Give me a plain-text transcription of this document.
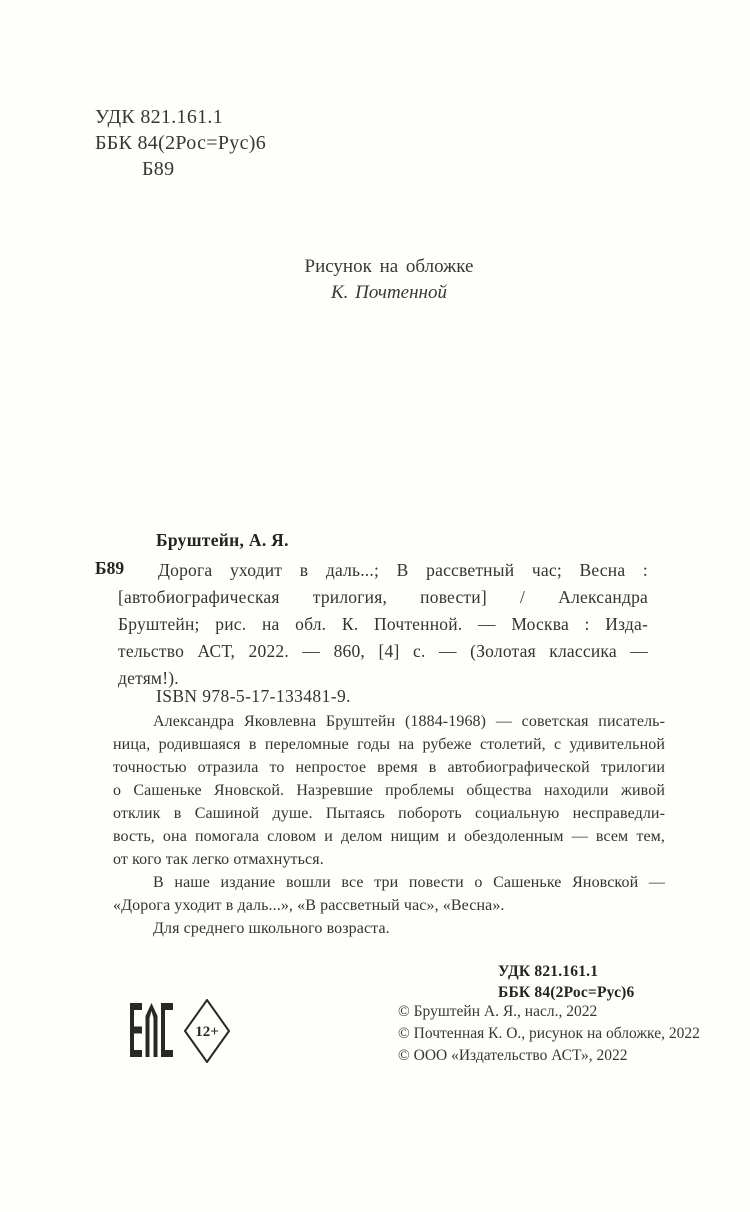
УДК 821.161.1
ББК 84(2Рос=Рус)6
Б89
Рисунок на обложке
К. Почтенной
Бруштейн, А. Я.
Б89	Дорога уходит в даль...; В рассветный час; Весна :
[автобиографическая трилогия, повести] / Александра
Бруштейн; рис. на обл. К. Почтенной. — Москва : Изда-
тельство АСТ, 2022. — 860, [4] с. — (Золотая классика —
детям!).
ISBN 978-5-17-133481-9.
Александра Яковлевна Бруштейн (1884-1968) — советская писатель-
ница, родившаяся в переломные годы на рубеже столетий, с удивительной
точностью отразила то непростое время в автобиографической трилогии
о Сашеньке Яновской. Назревшие проблемы общества находили живой
отклик в Сашиной душе. Пытаясь побороть социальную несправедли-
вость, она помогала словом и делом нищим и обездоленным — всем тем,
от кого так легко отмахнуться.
В наше издание вошли все три повести о Сашеньке Яновской —
«Дорога уходит в даль...», «В рассветный час», «Весна».
Для среднего школьного возраста.
УДК 821.161.1
ББК 84(2Рос=Рус)6
© Бруштейн А. Я., насл., 2022
© Почтенная К. О., рисунок на обложке, 2022
© ООО «Издательство АСТ», 2022
12+
